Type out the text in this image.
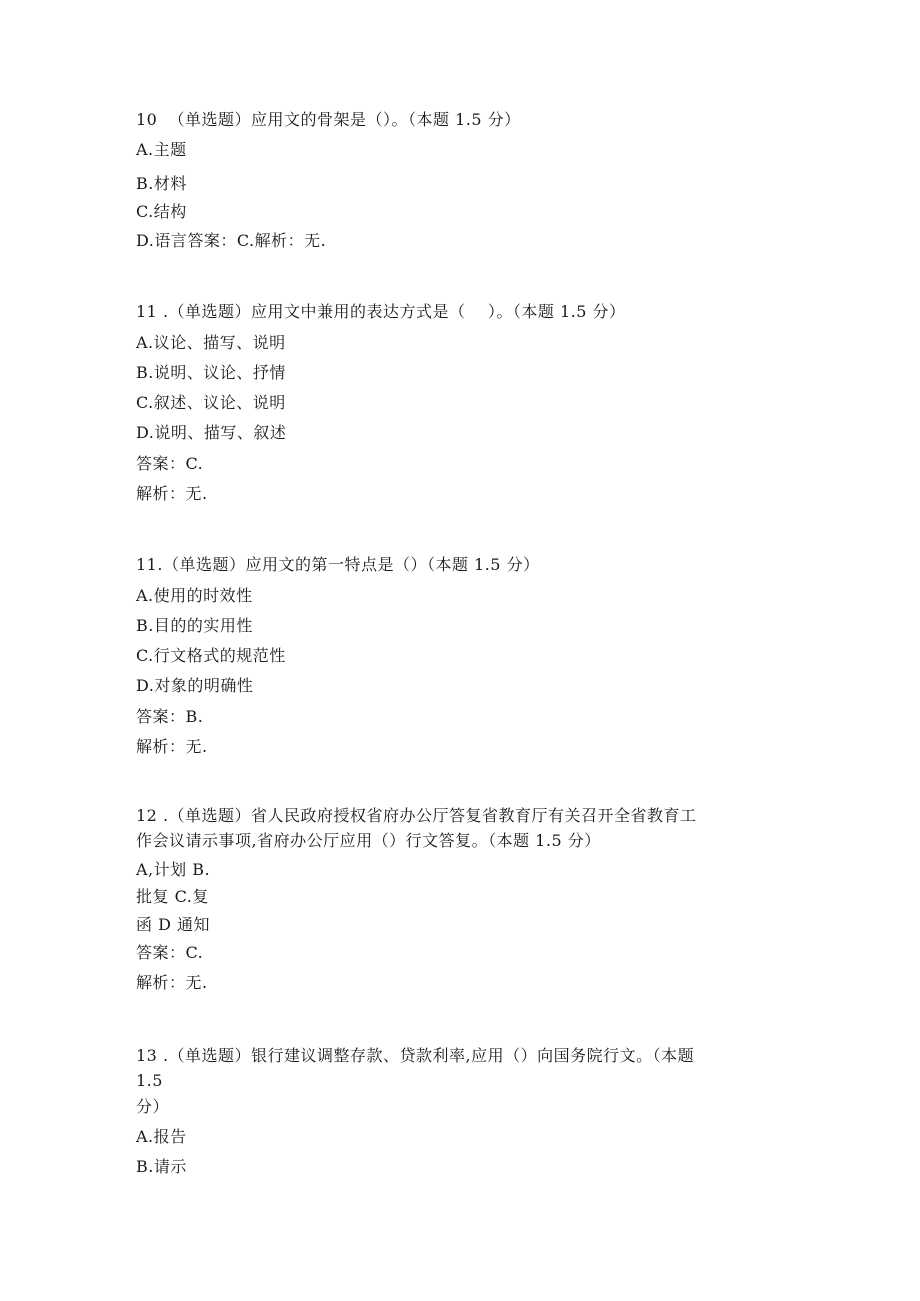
10  （单选题）应用文的骨架是（）。（本题 1.5 分）
A.主题
B.材料
C.结构
D.语言答案：C.解析：无.
11 .（单选题）应用文中兼用的表达方式是（    ）。（本题 1.5 分）
A.议论、描写、说明
B.说明、议论、抒情
C.叙述、议论、说明
D.说明、描写、叙述
答案：C.
解析：无.
11.（单选题）应用文的第一特点是（）（本题 1.5 分）
A.使用的时效性
B.目的的实用性
C.行文格式的规范性
D.对象的明确性
答案：B.
解析：无.
12 .（单选题）省人民政府授权省府办公厅答复省教育厅有关召开全省教育工
作会议请示事项,省府办公厅应用（）行文答复。（本题 1.5 分）
A,计划 B.
批复 C.复
函 D 通知
答案：C.
解析：无.
13 .（单选题）银行建议调整存款、贷款利率,应用（）向国务院行文。（本题
1.5
分）
A.报告
B.请示
